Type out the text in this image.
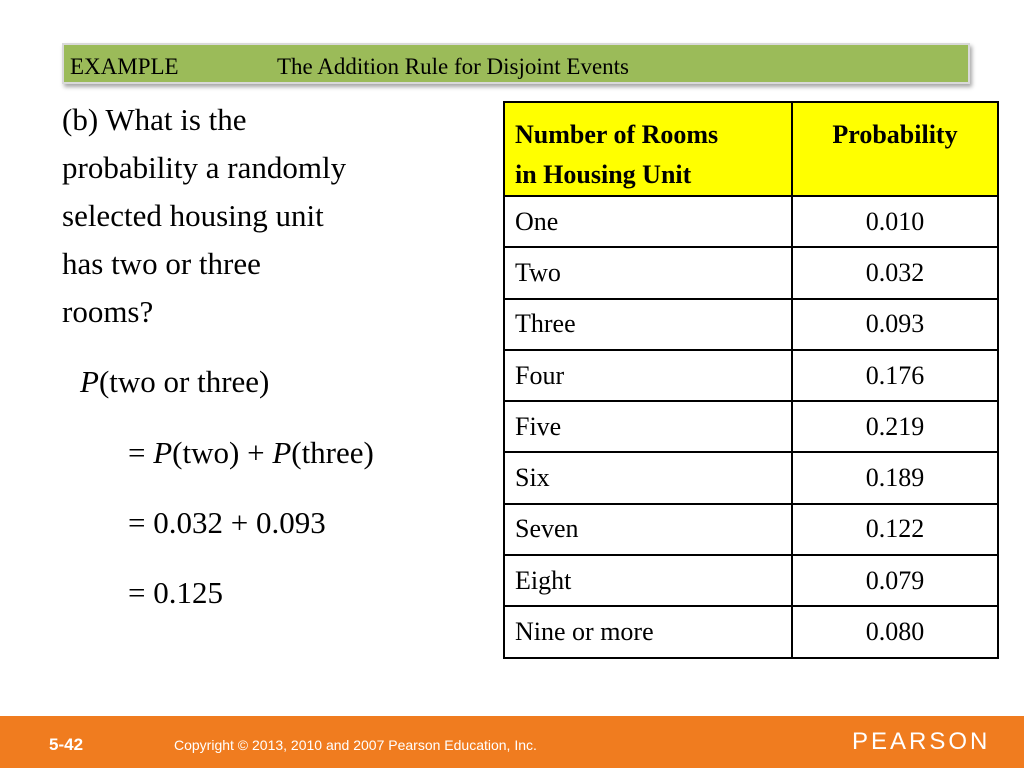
EXAMPLE	The Addition Rule for Disjoint Events
(b) What is the
probability a randomly
selected housing unit
has two or three
rooms?
P(two or three)
= P(two) + P(three)
= 0.032 + 0.093
= 0.125
Number of Rooms
in Housing Unit	Probability
One	0.010
Two	0.032
Three	0.093
Four	0.176
Five	0.219
Six	0.189
Seven	0.122
Eight	0.079
Nine or more	0.080
5-42	Copyright © 2013, 2010 and 2007 Pearson Education, Inc.	PEARSON
